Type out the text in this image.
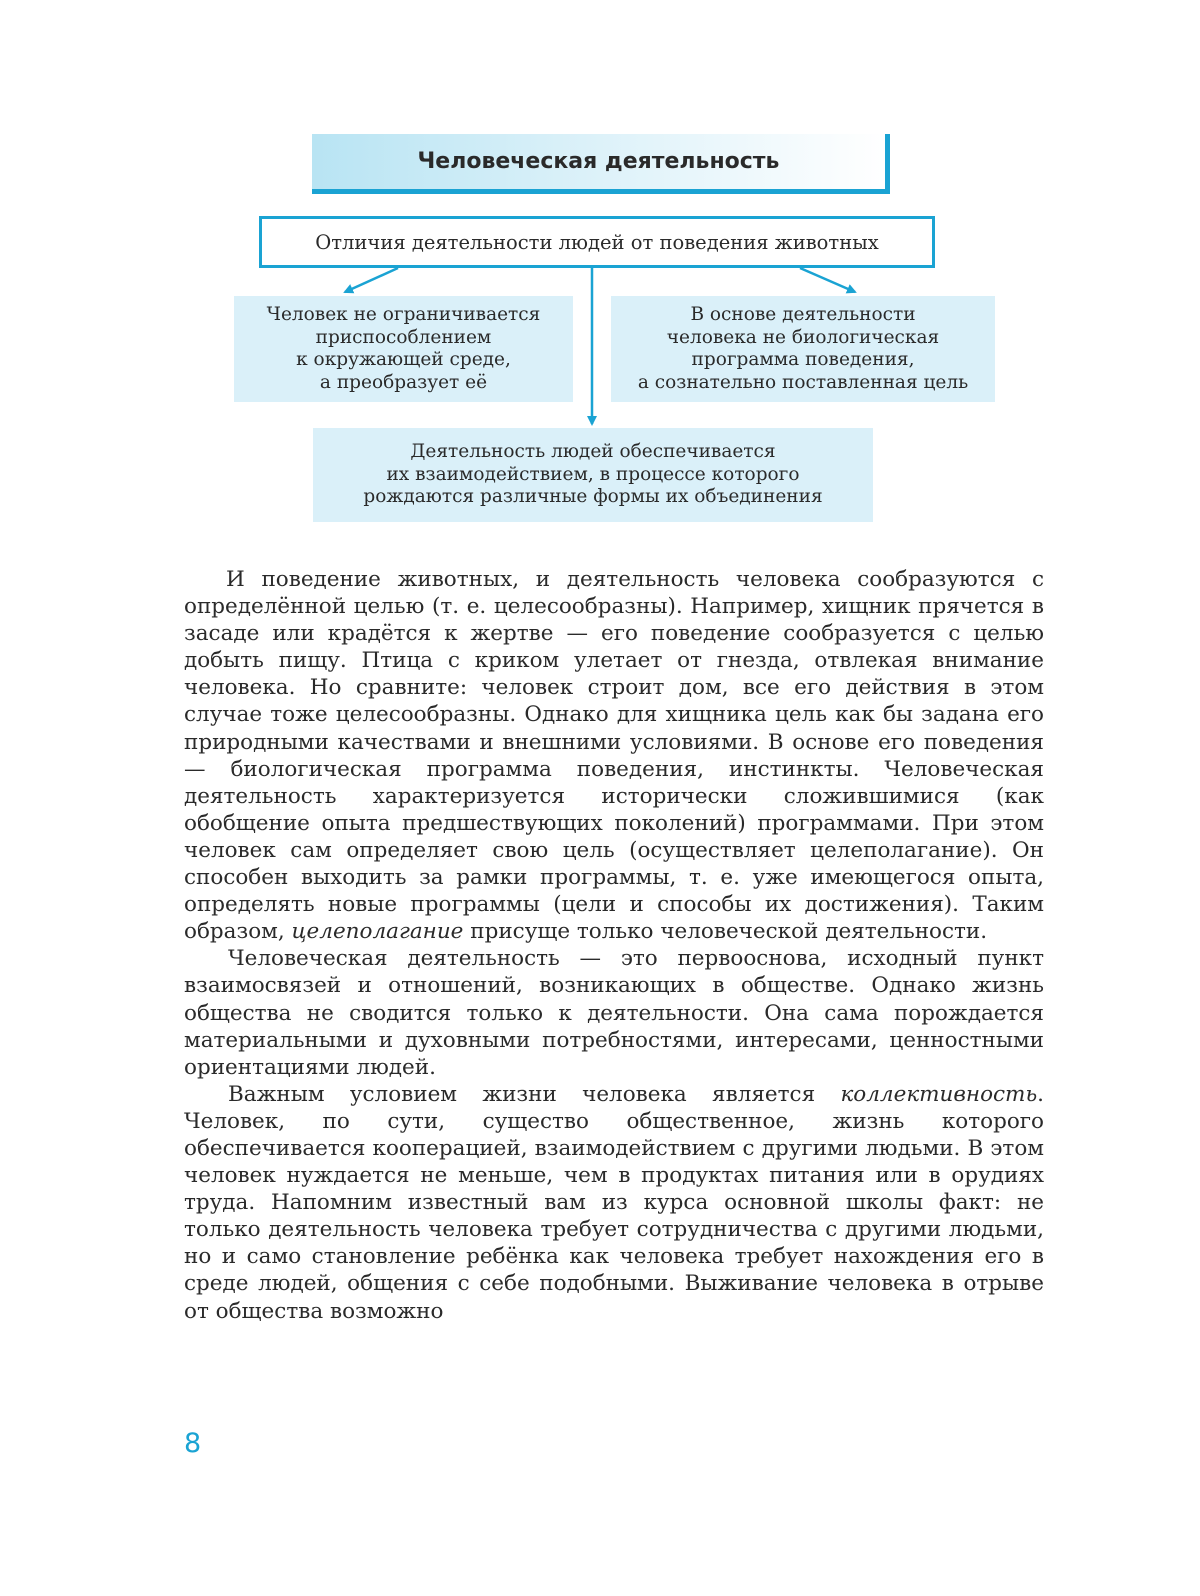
Человеческая деятельность
Отличия деятельности людей от поведения животных
Человек не ограничивается
приспособлением
к окружающей среде,
а преобразует её
В основе деятельности
человека не биологическая
программа поведения,
а сознательно поставленная цель
Деятельность людей обеспечивается
их взаимодействием, в процессе которого
рождаются различные формы их объединения

И поведение животных, и деятельность человека сообразуются с определённой целью (т. е. целесообразны). Например, хищник прячется в засаде или крадётся к жертве — его поведение сообразуется с целью добыть пищу. Птица с криком улетает от гнезда, отвлекая внимание человека. Но сравните: человек строит дом, все его действия в этом случае тоже целесообразны. Однако для хищника цель как бы задана его природными качествами и внешними условиями. В основе его поведения — биологическая программа поведения, инстинкты. Человеческая деятельность характеризуется исторически сложившимися (как обобщение опыта предшествующих поколений) программами. При этом человек сам определяет свою цель (осуществляет целеполагание). Он способен выходить за рамки программы, т. е. уже имеющегося опыта, определять новые программы (цели и способы их достижения). Таким образом, целеполагание присуще только человеческой деятельности.

Человеческая деятельность — это первооснова, исходный пункт взаимосвязей и отношений, возникающих в обществе. Однако жизнь общества не сводится только к деятельности. Она сама порождается материальными и духовными потребностями, интересами, ценностными ориентациями людей.

Важным условием жизни человека является коллективность. Человек, по сути, существо общественное, жизнь которого обеспечивается кооперацией, взаимодействием с другими людьми. В этом человек нуждается не меньше, чем в продуктах питания или в орудиях труда. Напомним известный вам из курса основной школы факт: не только деятельность человека требует сотрудничества с другими людьми, но и само становление ребёнка как человека требует нахождения его в среде людей, общения с себе подобными. Выживание человека в отрыве от общества возможно

8
